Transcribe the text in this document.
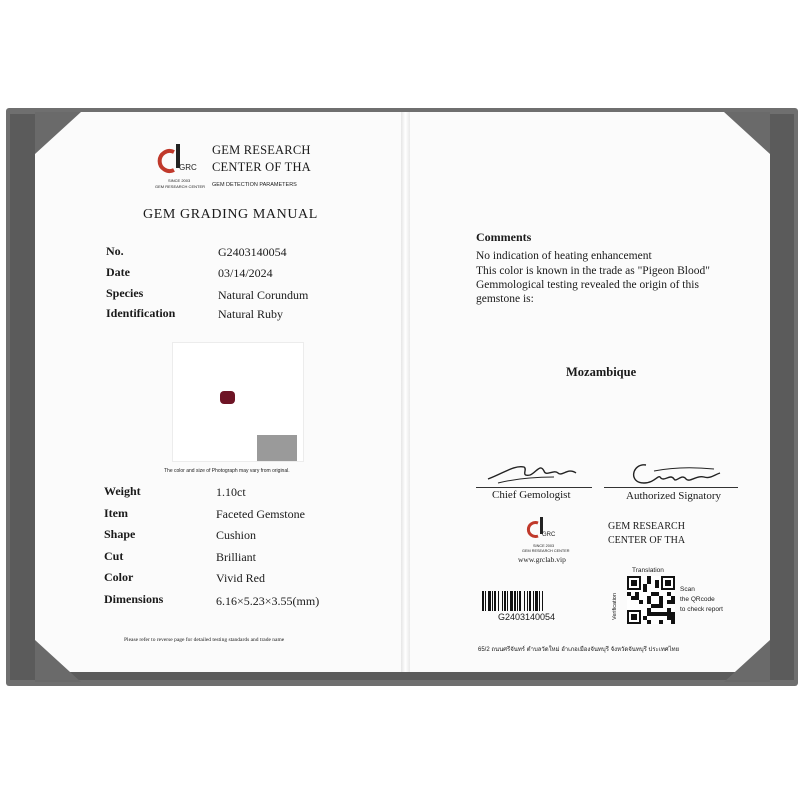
GRC
SINCE 2003
GEM RESEARCH CENTER
GEM RESEARCH
CENTER OF THA
GEM DETECTION PARAMETERS
GEM GRADING MANUAL
No.	G2403140054
Date	03/14/2024
Species	Natural Corundum
Identification	Natural Ruby
The color and size of Photograph may vary from original.
Weight	1.10ct
Item	Faceted Gemstone
Shape	Cushion
Cut	Brilliant
Color	Vivid Red
Dimensions	6.16×5.23×3.55(mm)
Please refer to reverse page for detailed testing standards and trade name
Comments
No indication of heating enhancement
This color is known in the trade as "Pigeon Blood"
Gemmological testing revealed the origin of this
gemstone is:
Mozambique
Chief Gemologist	Authorized Signatory
GRC
SINCE 2003
GEM RESEARCH CENTER
www.grclab.vip
GEM RESEARCH
CENTER OF THA
G2403140054
Translation
Verification
Scan
the QRcode
to check report
65/2 ถนนศรีจันทร์ ตำบลวัดใหม่ อำเภอเมืองจันทบุรี จังหวัดจันทบุรี ประเทศไทย
